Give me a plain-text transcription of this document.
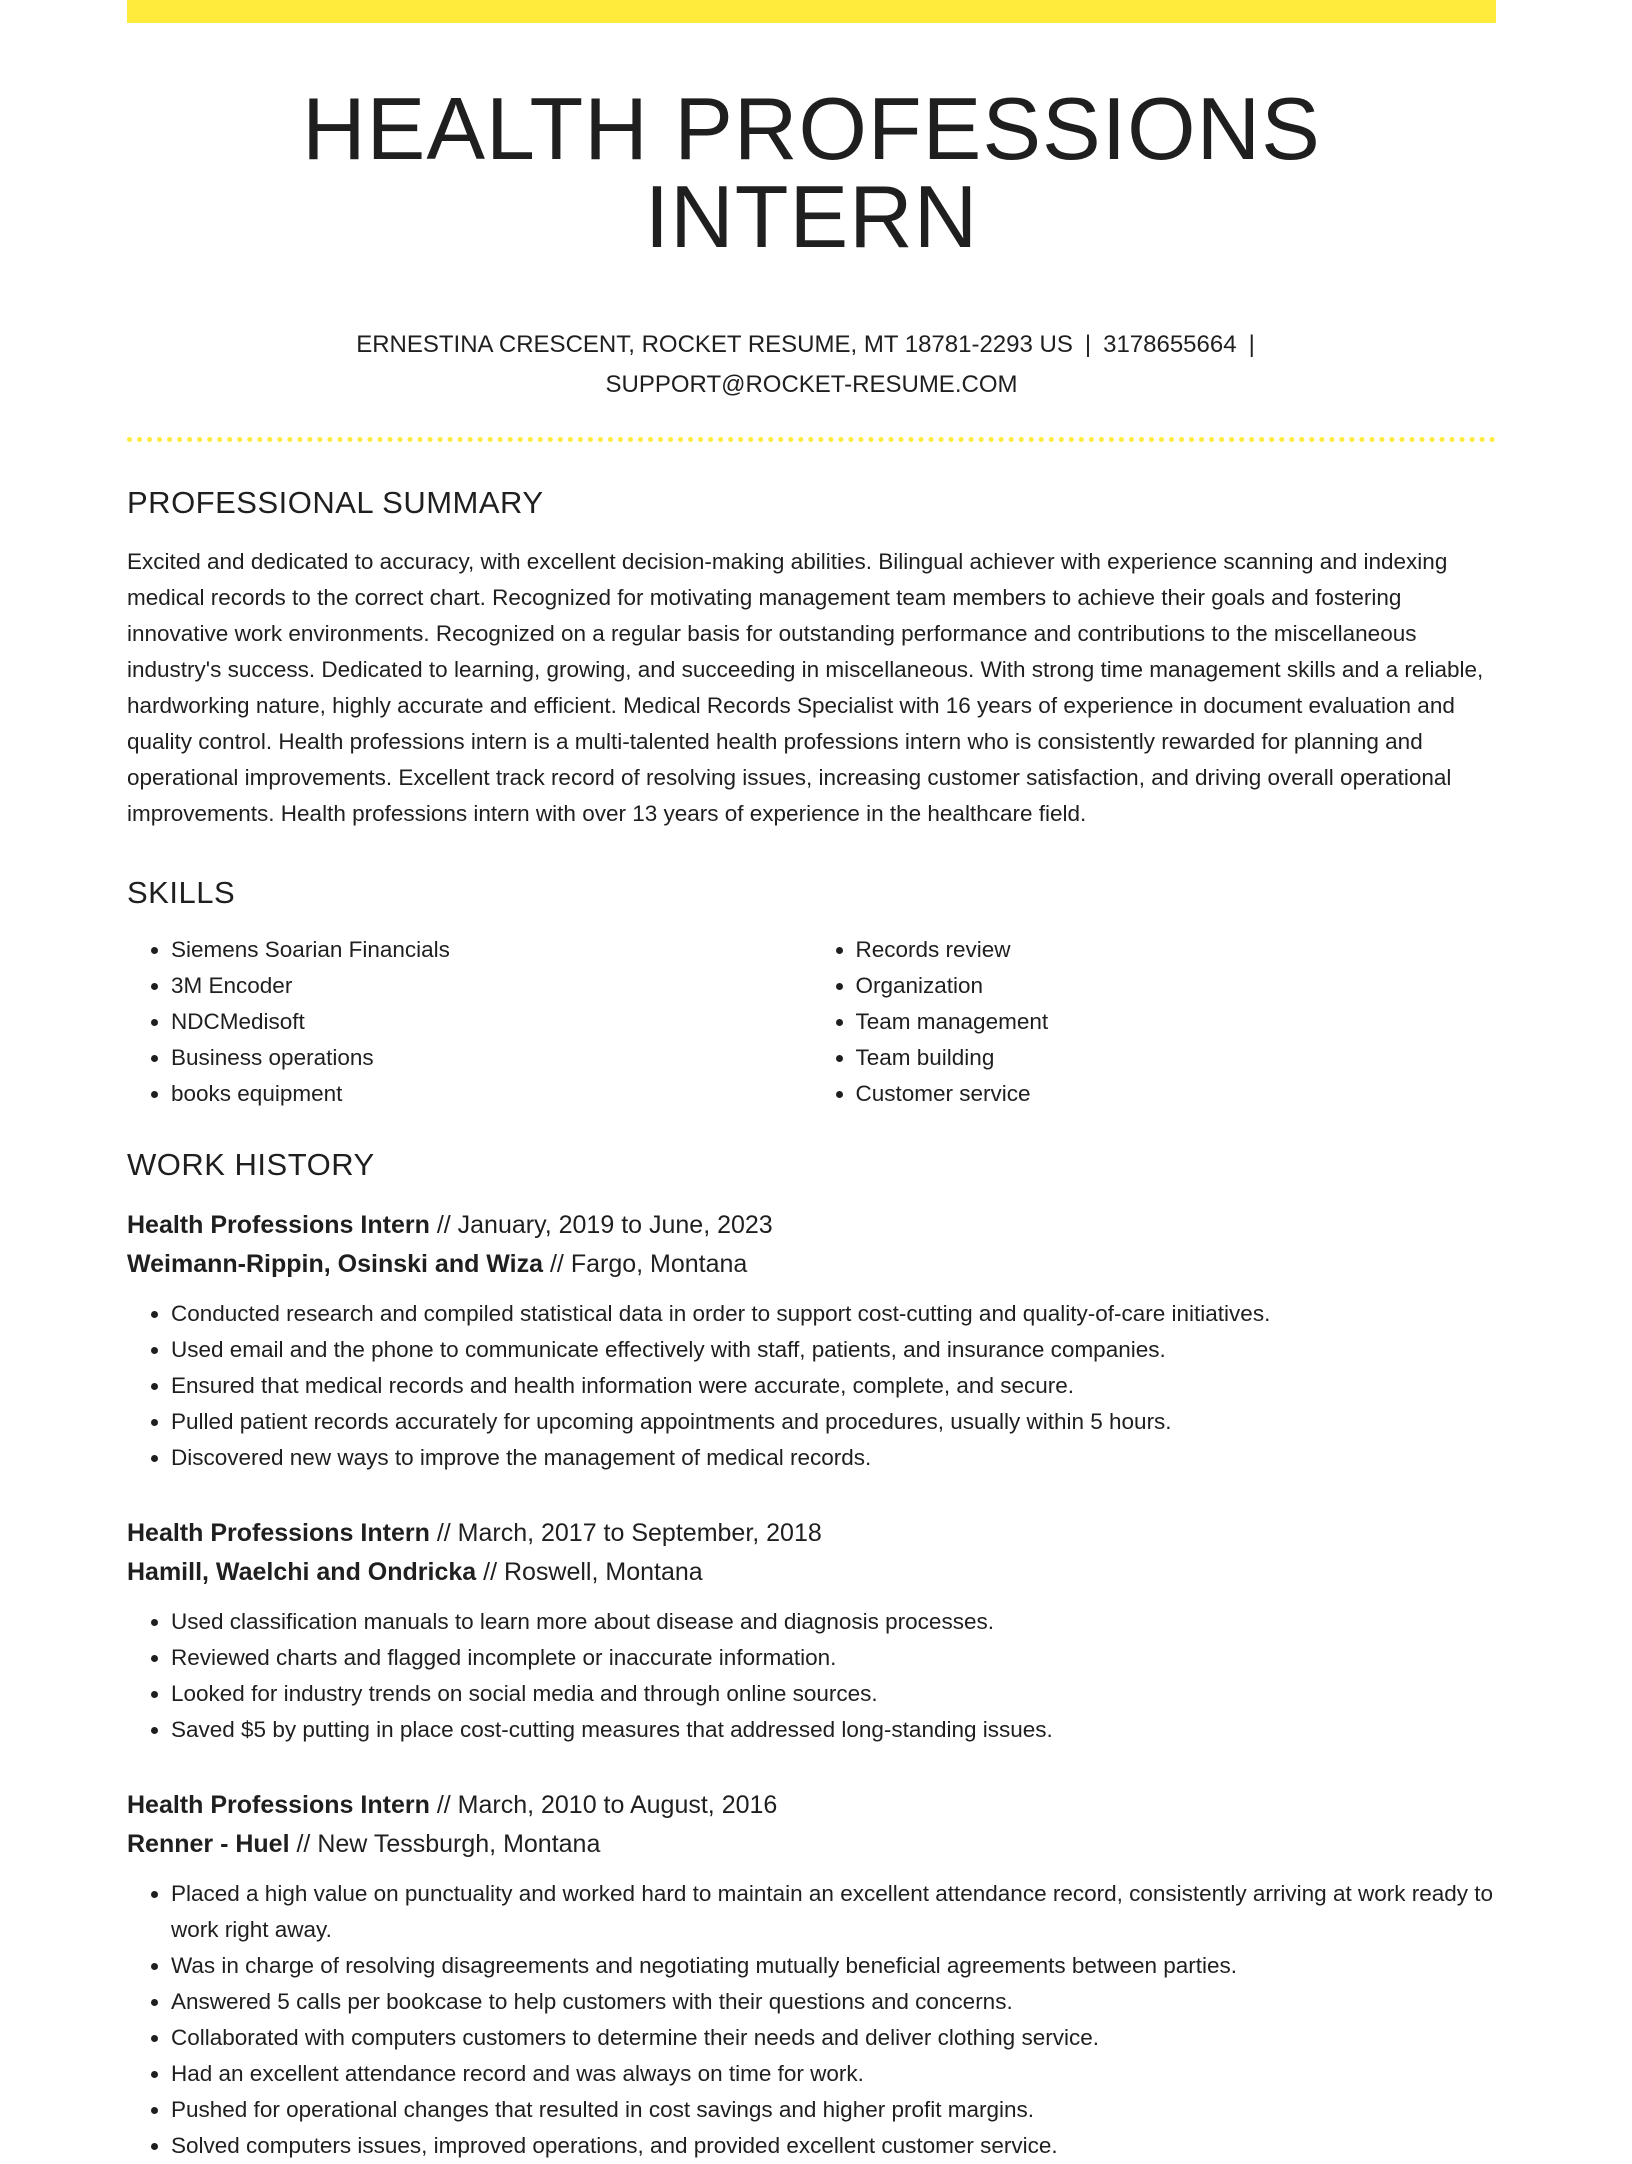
HEALTH PROFESSIONS INTERN
ERNESTINA CRESCENT, ROCKET RESUME, MT 18781-2293 US | 3178655664 |
SUPPORT@ROCKET-RESUME.COM
PROFESSIONAL SUMMARY

Excited and dedicated to accuracy, with excellent decision-making abilities. Bilingual achiever with experience scanning and indexing medical records to the correct chart. Recognized for motivating management team members to achieve their goals and fostering innovative work environments. Recognized on a regular basis for outstanding performance and contributions to the miscellaneous industry's success. Dedicated to learning, growing, and succeeding in miscellaneous. With strong time management skills and a reliable, hardworking nature, highly accurate and efficient. Medical Records Specialist with 16 years of experience in document evaluation and quality control. Health professions intern is a multi-talented health professions intern who is consistently rewarded for planning and operational improvements. Excellent track record of resolving issues, increasing customer satisfaction, and driving overall operational improvements. Health professions intern with over 13 years of experience in the healthcare field.

SKILLS
• Siemens Soarian Financials
• 3M Encoder
• NDCMedisoft
• Business operations
• books equipment
• Records review
• Organization
• Team management
• Team building
• Customer service
WORK HISTORY
Health Professions Intern // January, 2019 to June, 2023
Weimann-Rippin, Osinski and Wiza // Fargo, Montana
• Conducted research and compiled statistical data in order to support cost-cutting and quality-of-care initiatives.
• Used email and the phone to communicate effectively with staff, patients, and insurance companies.
• Ensured that medical records and health information were accurate, complete, and secure.
• Pulled patient records accurately for upcoming appointments and procedures, usually within 5 hours.
• Discovered new ways to improve the management of medical records.
Health Professions Intern // March, 2017 to September, 2018
Hamill, Waelchi and Ondricka // Roswell, Montana
• Used classification manuals to learn more about disease and diagnosis processes.
• Reviewed charts and flagged incomplete or inaccurate information.
• Looked for industry trends on social media and through online sources.
• Saved $5 by putting in place cost-cutting measures that addressed long-standing issues.
Health Professions Intern // March, 2010 to August, 2016
Renner - Huel // New Tessburgh, Montana
• Placed a high value on punctuality and worked hard to maintain an excellent attendance record, consistently arriving at work ready to work right away.
• Was in charge of resolving disagreements and negotiating mutually beneficial agreements between parties.
• Answered 5 calls per bookcase to help customers with their questions and concerns.
• Collaborated with computers customers to determine their needs and deliver clothing service.
• Had an excellent attendance record and was always on time for work.
• Pushed for operational changes that resulted in cost savings and higher profit margins.
• Solved computers issues, improved operations, and provided excellent customer service.
